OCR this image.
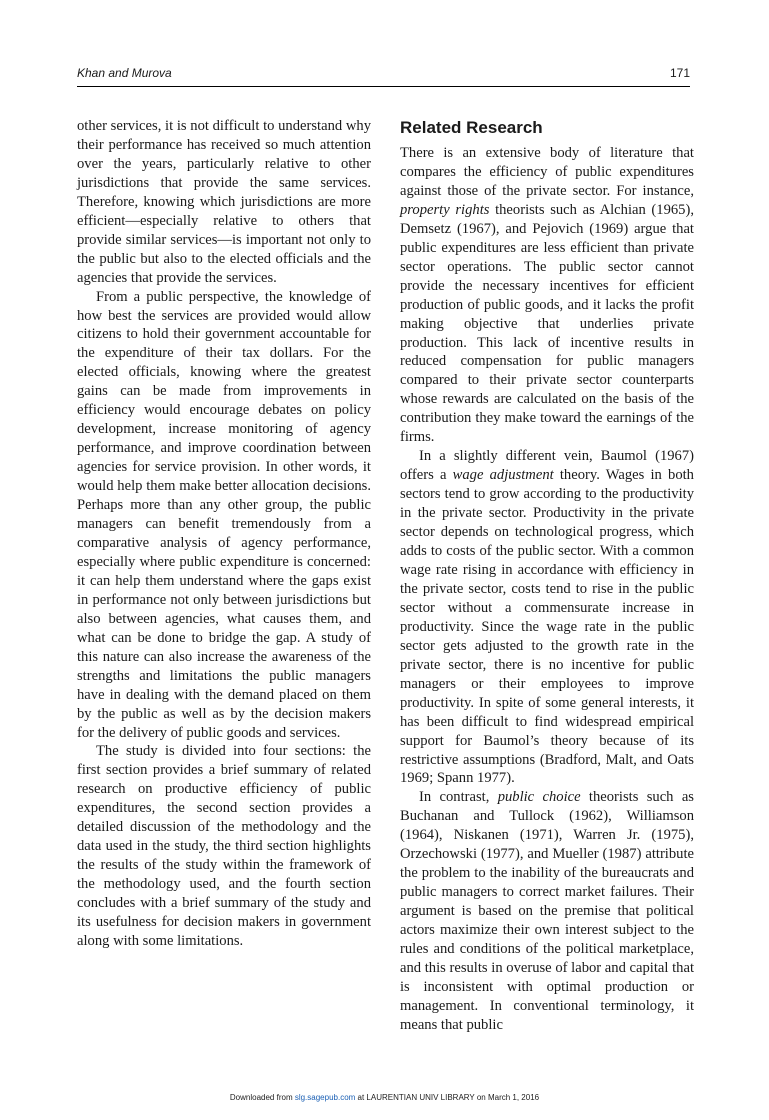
Khan and Murova	171

other services, it is not difficult to understand why their performance has received so much attention over the years, particularly relative to other jurisdictions that provide the same services. Therefore, knowing which jurisdictions are more efficient—especially relative to others that provide similar services—is important not only to the public but also to the elected officials and the agencies that provide the services.

From a public perspective, the knowledge of how best the services are provided would allow citizens to hold their government accountable for the expenditure of their tax dollars. For the elected officials, knowing where the greatest gains can be made from improvements in efficiency would encourage debates on policy development, increase monitoring of agency performance, and improve coordination between agencies for service provision. In other words, it would help them make better allocation decisions. Perhaps more than any other group, the public managers can benefit tremendously from a comparative analysis of agency performance, especially where public expenditure is concerned: it can help them understand where the gaps exist in performance not only between jurisdictions but also between agencies, what causes them, and what can be done to bridge the gap. A study of this nature can also increase the awareness of the strengths and limitations the public managers have in dealing with the demand placed on them by the public as well as by the decision makers for the delivery of public goods and services.

The study is divided into four sections: the first section provides a brief summary of related research on productive efficiency of public expenditures, the second section provides a detailed discussion of the methodology and the data used in the study, the third section highlights the results of the study within the framework of the methodology used, and the fourth section concludes with a brief summary of the study and its usefulness for decision makers in government along with some limitations.

Related Research

There is an extensive body of literature that compares the efficiency of public expenditures against those of the private sector. For instance, property rights theorists such as Alchian (1965), Demsetz (1967), and Pejovich (1969) argue that public expenditures are less efficient than private sector operations. The public sector cannot provide the necessary incentives for efficient production of public goods, and it lacks the profit making objective that underlies private production. This lack of incentive results in reduced compensation for public managers compared to their private sector counterparts whose rewards are calculated on the basis of the contribution they make toward the earnings of the firms.

In a slightly different vein, Baumol (1967) offers a wage adjustment theory. Wages in both sectors tend to grow according to the productivity in the private sector. Productivity in the private sector depends on technological progress, which adds to costs of the public sector. With a common wage rate rising in accordance with efficiency in the private sector, costs tend to rise in the public sector without a commensurate increase in productivity. Since the wage rate in the public sector gets adjusted to the growth rate in the private sector, there is no incentive for public managers or their employees to improve productivity. In spite of some general interests, it has been difficult to find widespread empirical support for Baumol’s theory because of its restrictive assumptions (Bradford, Malt, and Oats 1969; Spann 1977).

In contrast, public choice theorists such as Buchanan and Tullock (1962), Williamson (1964), Niskanen (1971), Warren Jr. (1975), Orzechowski (1977), and Mueller (1987) attribute the problem to the inability of the bureaucrats and public managers to correct market failures. Their argument is based on the premise that political actors maximize their own interest subject to the rules and conditions of the political marketplace, and this results in overuse of labor and capital that is inconsistent with optimal production or management. In conventional terminology, it means that public

Downloaded from slg.sagepub.com at LAURENTIAN UNIV LIBRARY on March 1, 2016
